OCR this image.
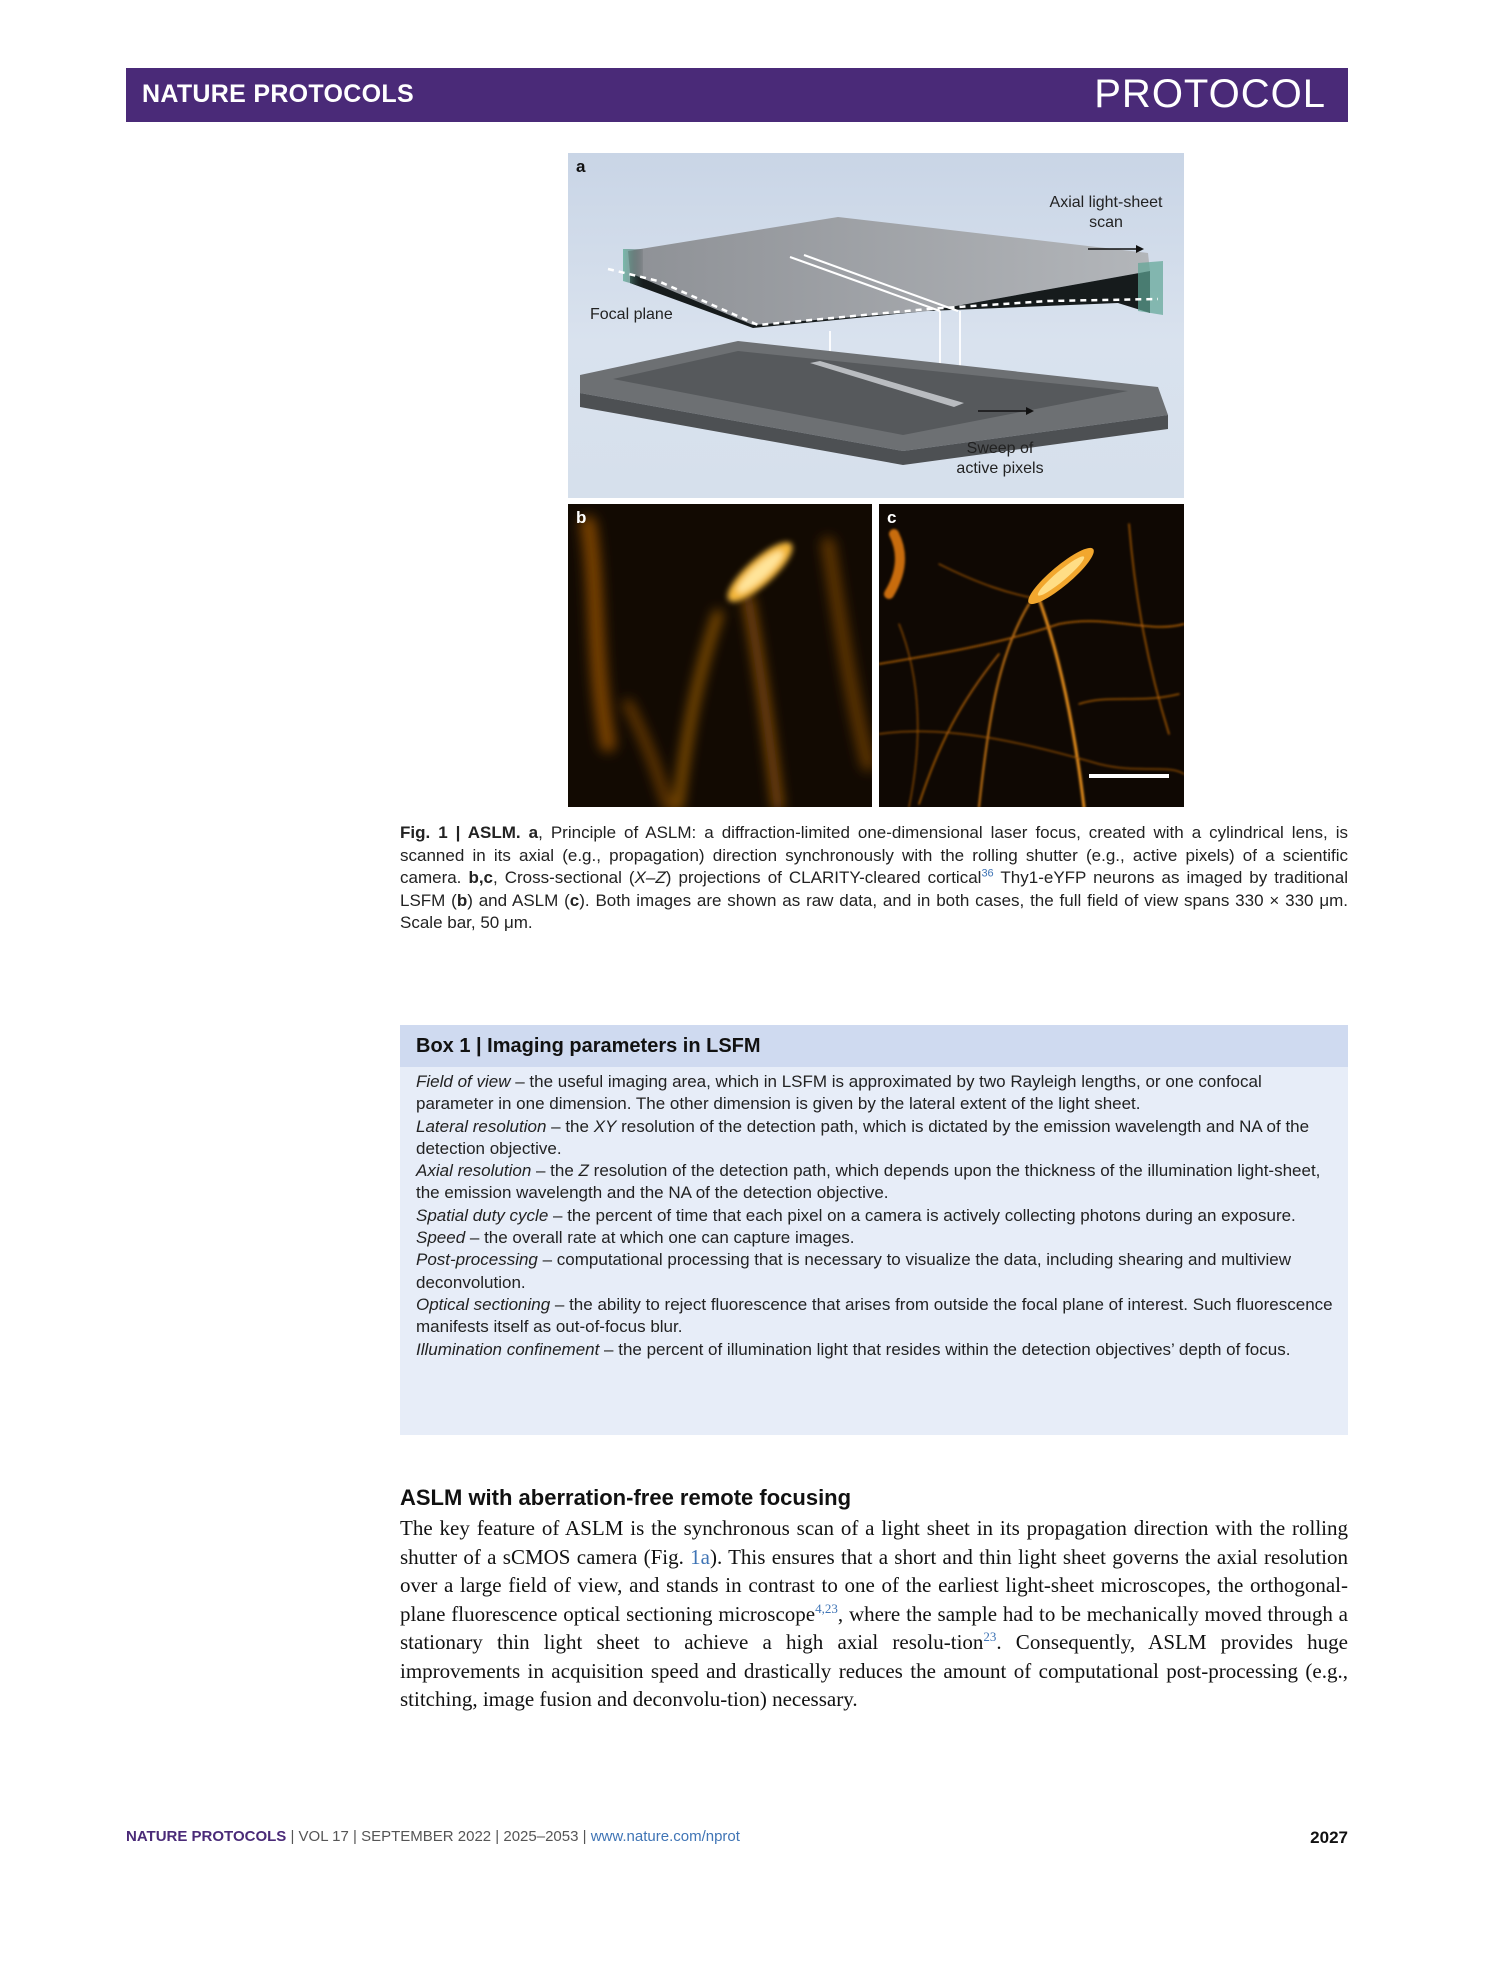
NATURE PROTOCOLS	PROTOCOL
a
Axial light-sheet
scan
Focal plane
Sweep of
active pixels
b	c
Fig. 1 | ASLM. a, Principle of ASLM: a diffraction-limited one-dimensional laser focus, created with a cylindrical lens, is scanned in its axial (e.g., propagation) direction synchronously with the rolling shutter (e.g., active pixels) of a scientific camera. b,c, Cross-sectional (X–Z) projections of CLARITY-cleared cortical$^{36}$ Thy1-eYFP neurons as imaged by traditional LSFM (b) and ASLM (c). Both images are shown as raw data, and in both cases, the full field of view spans 330 × 330 μm. Scale bar, 50 μm.
Box 1 | Imaging parameters in LSFM

Field of view – the useful imaging area, which in LSFM is approximated by two Rayleigh lengths, or one confocal parameter in one dimension. The other dimension is given by the lateral extent of the light sheet.

Lateral resolution – the XY resolution of the detection path, which is dictated by the emission wavelength and NA of the detection objective.

Axial resolution – the Z resolution of the detection path, which depends upon the thickness of the illumination light-sheet, the emission wavelength and the NA of the detection objective.

Spatial duty cycle – the percent of time that each pixel on a camera is actively collecting photons during an exposure.

Speed – the overall rate at which one can capture images.

Post-processing – computational processing that is necessary to visualize the data, including shearing and multiview deconvolution.

Optical sectioning – the ability to reject fluorescence that arises from outside the focal plane of interest. Such fluorescence manifests itself as out-of-focus blur.

Illumination confinement – the percent of illumination light that resides within the detection objectives’ depth of focus.

ASLM with aberration-free remote focusing
The key feature of ASLM is the synchronous scan of a light sheet in its propagation direction with the rolling shutter of a sCMOS camera (Fig. 1a). This ensures that a short and thin light sheet governs the axial resolution over a large field of view, and stands in contrast to one of the earliest light-sheet microscopes, the orthogonal-plane fluorescence optical sectioning microscope$^{4,23}$, where the sample had to be mechanically moved through a stationary thin light sheet to achieve a high axial resolu-tion$^{23}$. Consequently, ASLM provides huge improvements in acquisition speed and drastically reduces the amount of computational post-processing (e.g., stitching, image fusion and deconvolu-tion) necessary.
NATURE PROTOCOLS | VOL 17 | SEPTEMBER 2022 | 2025–2053 | www.nature.com/nprot	2027
